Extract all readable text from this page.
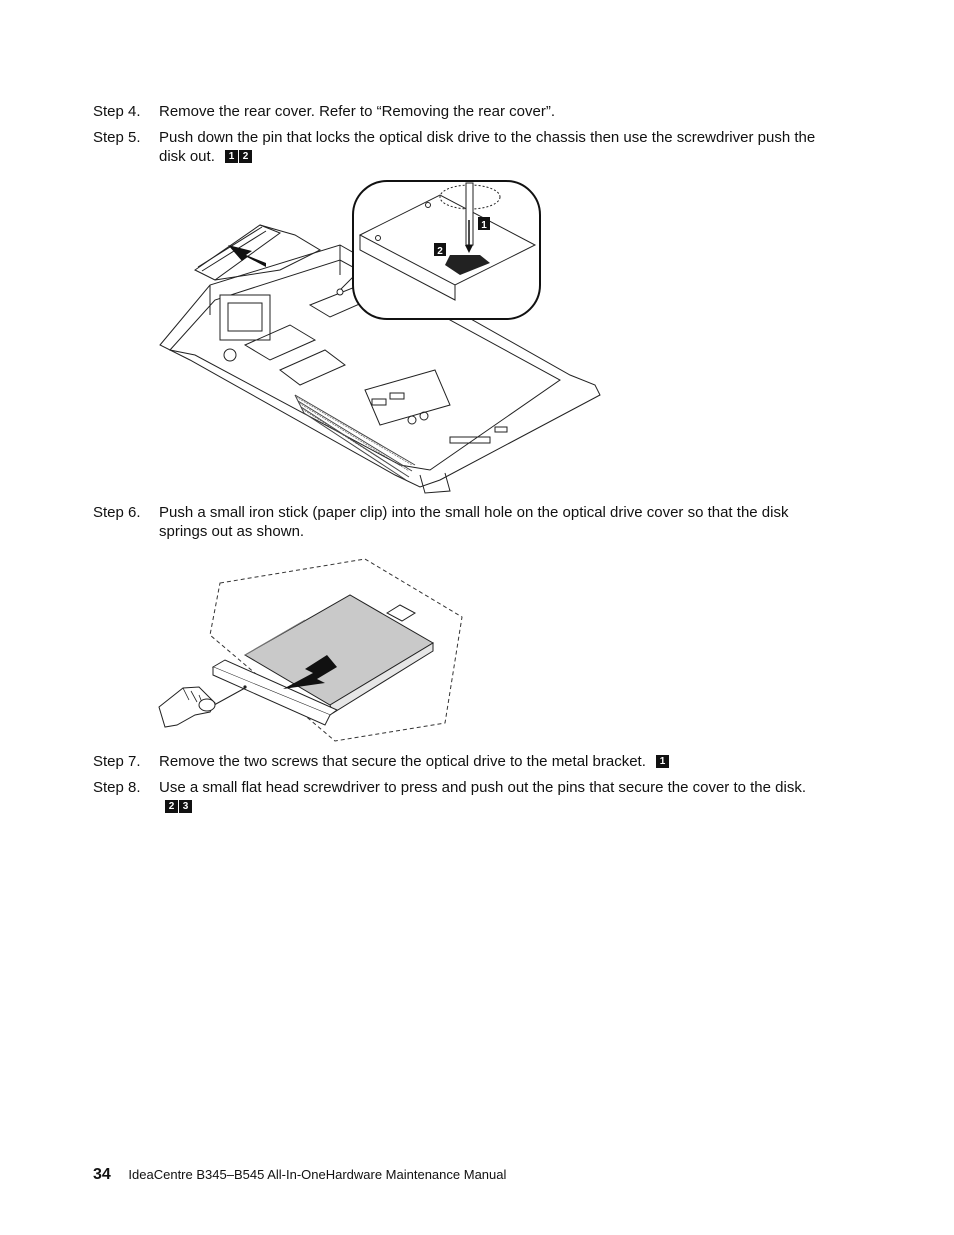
Step 4. Remove the rear cover. Refer to “Removing the rear cover”.
Step 5. Push down the pin that locks the optical disk drive to the chassis then use the screwdriver push the disk out.	1 2
1
2
Step 6. Push a small iron stick (paper clip) into the small hole on the optical drive cover so that the disk springs out as shown.
Step 7. Remove the two screws that secure the optical drive to the metal bracket.	1
Step 8. Use a small flat head screwdriver to press and push out the pins that secure the cover to the disk.
2 3
34 IdeaCentre B345–B545 All-In-OneHardware Maintenance Manual
